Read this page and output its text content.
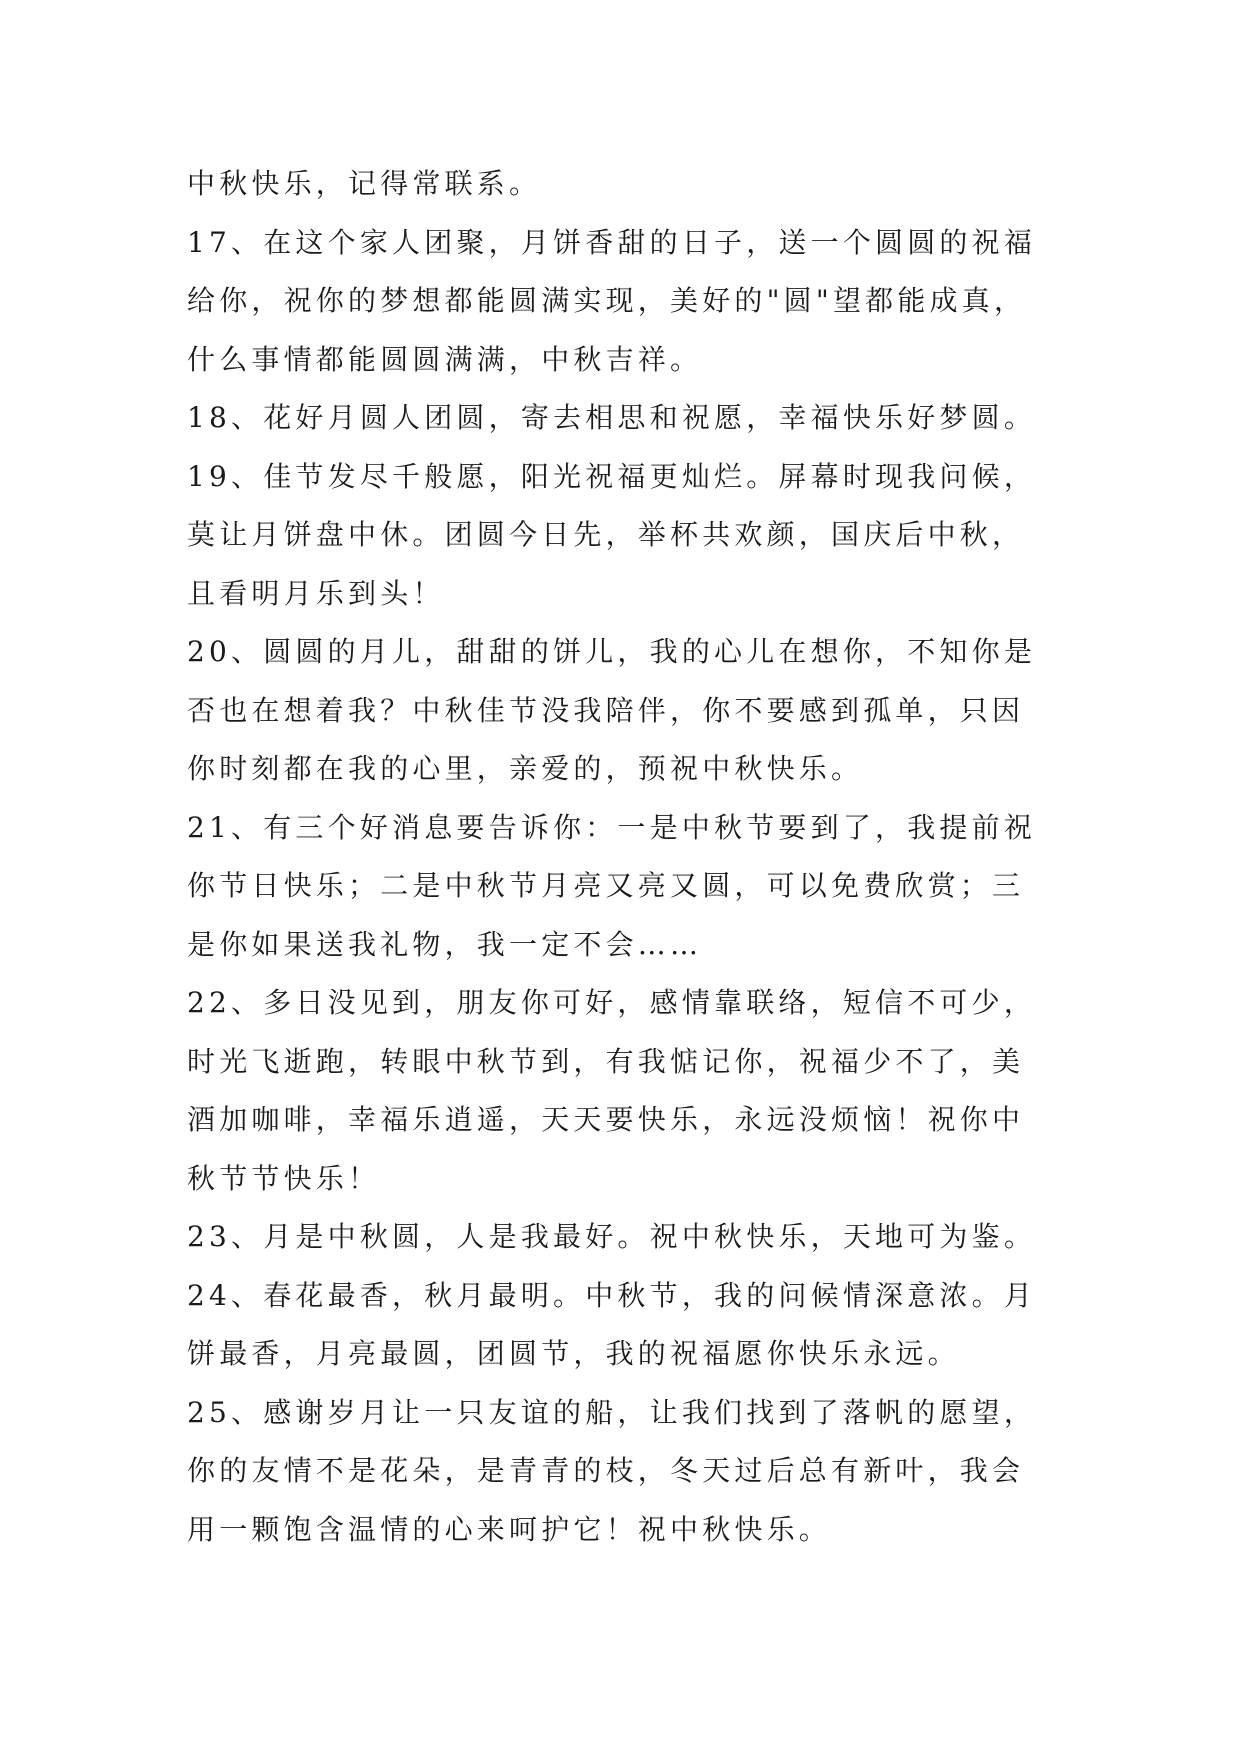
中秋快乐，记得常联系。
17、在这个家人团聚，月饼香甜的日子，送一个圆圆的祝福
给你，祝你的梦想都能圆满实现，美好的"圆"望都能成真，
什么事情都能圆圆满满，中秋吉祥。
18、花好月圆人团圆，寄去相思和祝愿，幸福快乐好梦圆。
19、佳节发尽千般愿，阳光祝福更灿烂。屏幕时现我问候，
莫让月饼盘中休。团圆今日先，举杯共欢颜，国庆后中秋，
且看明月乐到头！
20、圆圆的月儿，甜甜的饼儿，我的心儿在想你，不知你是
否也在想着我？中秋佳节没我陪伴，你不要感到孤单，只因
你时刻都在我的心里，亲爱的，预祝中秋快乐。
21、有三个好消息要告诉你：一是中秋节要到了，我提前祝
你节日快乐；二是中秋节月亮又亮又圆，可以免费欣赏；三
是你如果送我礼物，我一定不会……
22、多日没见到，朋友你可好，感情靠联络，短信不可少，
时光飞逝跑，转眼中秋节到，有我惦记你，祝福少不了，美
酒加咖啡，幸福乐逍遥，天天要快乐，永远没烦恼！祝你中
秋节节快乐！
23、月是中秋圆，人是我最好。祝中秋快乐，天地可为鉴。
24、春花最香，秋月最明。中秋节，我的问候情深意浓。月
饼最香，月亮最圆，团圆节，我的祝福愿你快乐永远。
25、感谢岁月让一只友谊的船，让我们找到了落帆的愿望，
你的友情不是花朵，是青青的枝，冬天过后总有新叶，我会
用一颗饱含温情的心来呵护它！祝中秋快乐。
